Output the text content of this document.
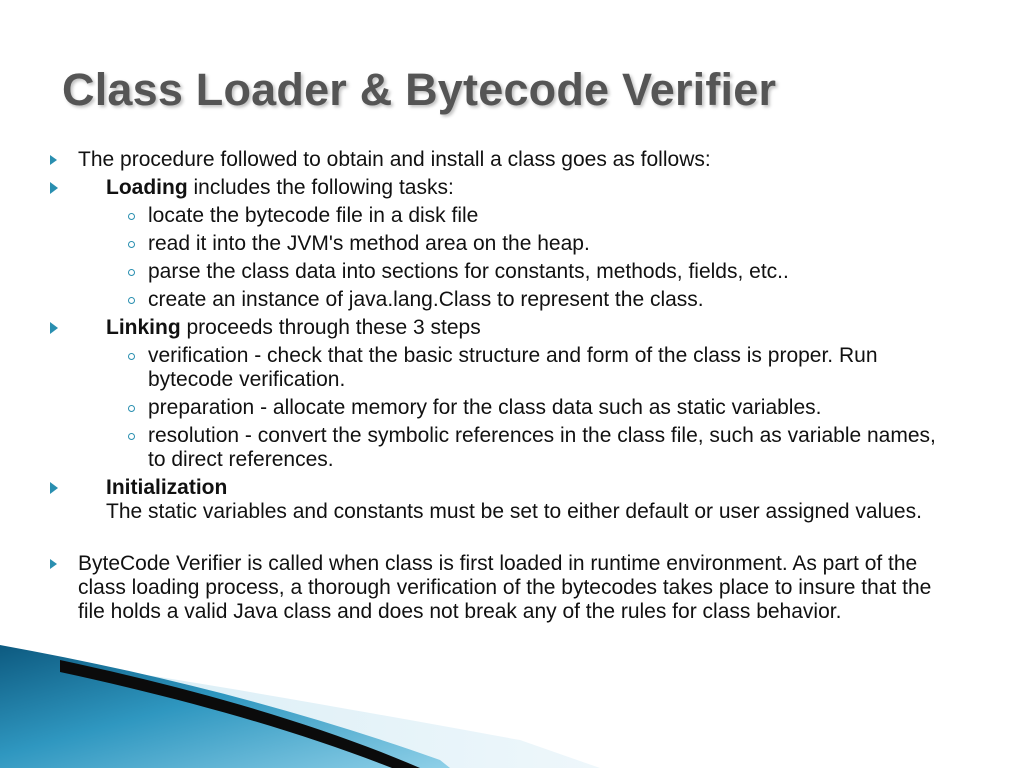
Class Loader & Bytecode Verifier
The procedure followed to obtain and install a class goes as follows:
Loading includes the following tasks:
locate the bytecode file in a disk file
read it into the JVM's method area on the heap.
parse the class data into sections for constants, methods, fields, etc..
create an instance of java.lang.Class to represent the class.
Linking proceeds through these 3 steps
verification - check that the basic structure and form of the class is proper. Run bytecode verification.
preparation - allocate memory for the class data such as static variables.
resolution - convert the symbolic references in the class file, such as variable names, to direct references.
Initialization
The static variables and constants must be set to either default or user assigned values.
ByteCode Verifier is called when class is first loaded in runtime environment. As part of the class loading process, a thorough verification of the bytecodes takes place to insure that the file holds a valid Java class and does not break any of the rules for class behavior.
